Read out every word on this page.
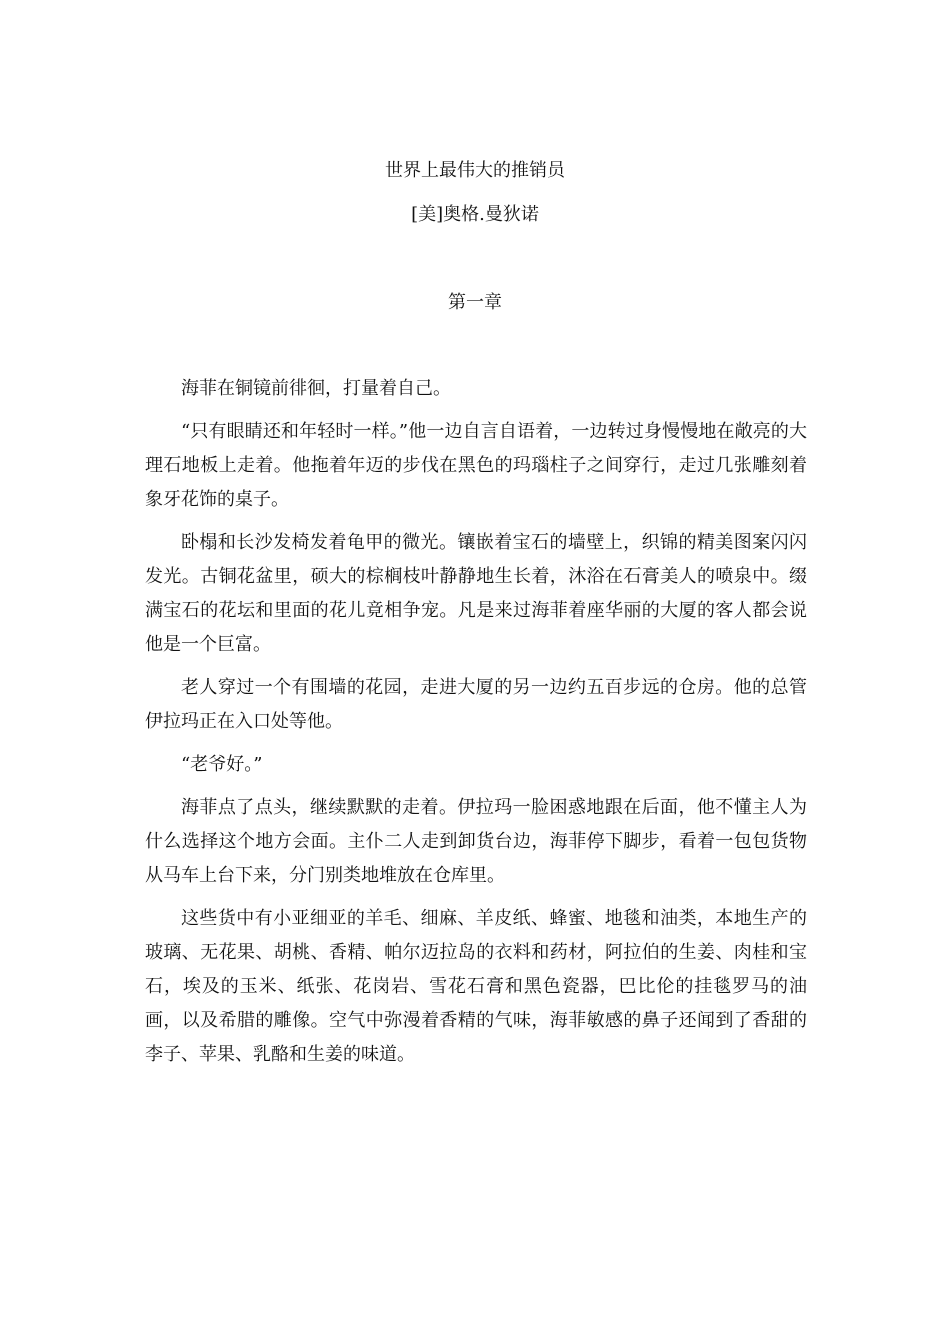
世界上最伟大的推销员
[美]奥格.曼狄诺
第一章

海菲在铜镜前徘徊，打量着自己。

“只有眼睛还和年轻时一样。”他一边自言自语着，一边转过身慢慢地在敞亮的大理石地板上走着。他拖着年迈的步伐在黑色的玛瑙柱子之间穿行，走过几张雕刻着象牙花饰的桌子。

卧榻和长沙发椅发着龟甲的微光。镶嵌着宝石的墙壁上，织锦的精美图案闪闪发光。古铜花盆里，硕大的棕榈枝叶静静地生长着，沐浴在石膏美人的喷泉中。缀满宝石的花坛和里面的花儿竟相争宠。凡是来过海菲着座华丽的大厦的客人都会说他是一个巨富。

老人穿过一个有围墙的花园，走进大厦的另一边约五百步远的仓房。他的总管伊拉玛正在入口处等他。

“老爷好。”

海菲点了点头，继续默默的走着。伊拉玛一脸困惑地跟在后面，他不懂主人为什么选择这个地方会面。主仆二人走到卸货台边，海菲停下脚步，看着一包包货物从马车上台下来，分门别类地堆放在仓库里。

这些货中有小亚细亚的羊毛、细麻、羊皮纸、蜂蜜、地毯和油类，本地生产的玻璃、无花果、胡桃、香精、帕尔迈拉岛的衣料和药材，阿拉伯的生姜、肉桂和宝石，埃及的玉米、纸张、花岗岩、雪花石膏和黑色瓷器，巴比伦的挂毯罗马的油画，以及希腊的雕像。空气中弥漫着香精的气味，海菲敏感的鼻子还闻到了香甜的李子、苹果、乳酪和生姜的味道。
